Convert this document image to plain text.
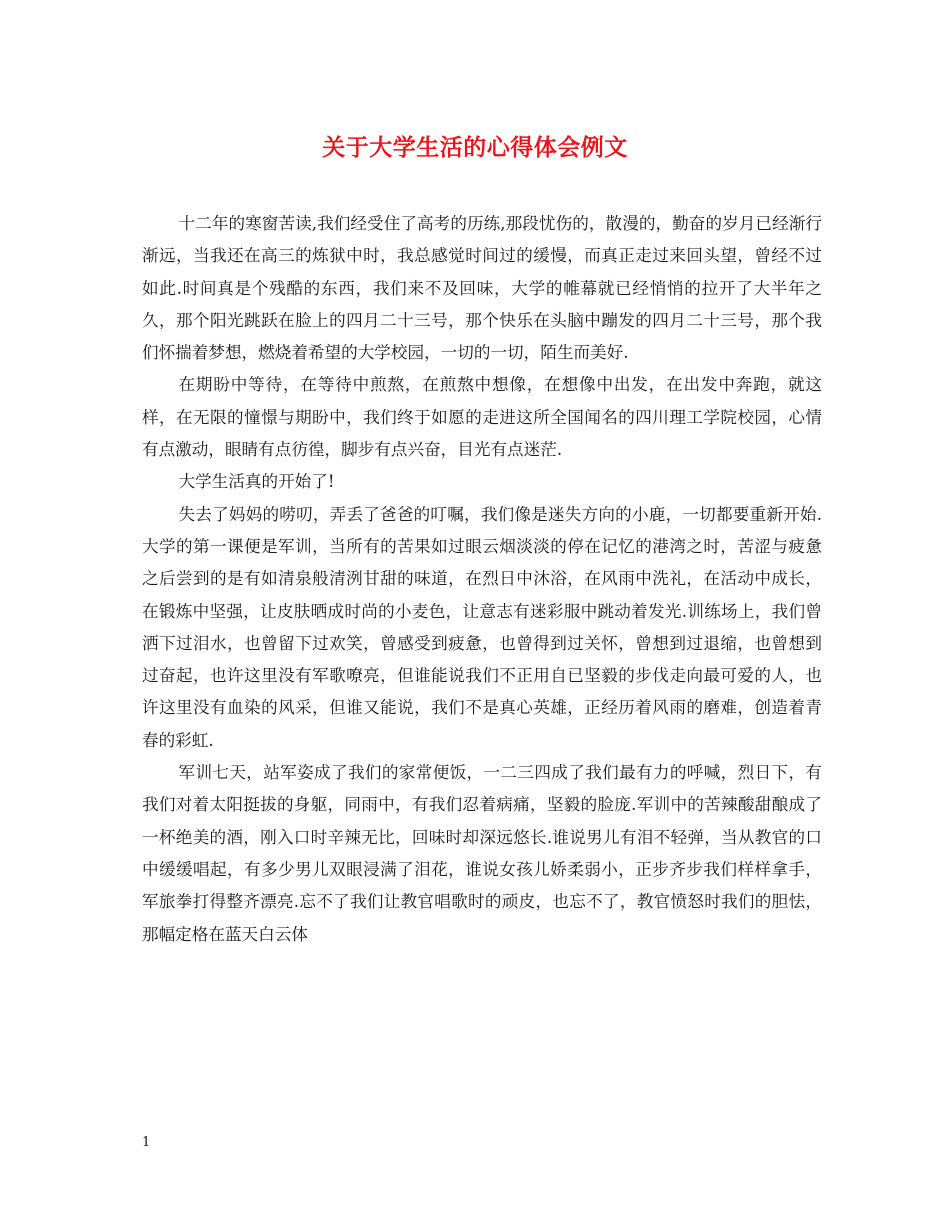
关于大学生活的心得体会例文

十二年的寒窗苦读,我们经受住了高考的历练,那段忧伤的，散漫的，勤奋的岁月已经渐行渐远，当我还在高三的炼狱中时，我总感觉时间过的缓慢，而真正走过来回头望，曾经不过如此.时间真是个残酷的东西，我们来不及回味，大学的帷幕就已经悄悄的拉开了大半年之久，那个阳光跳跃在脸上的四月二十三号，那个快乐在头脑中蹦发的四月二十三号，那个我们怀揣着梦想，燃烧着希望的大学校园，一切的一切，陌生而美好.

在期盼中等待，在等待中煎熬，在煎熬中想像，在想像中出发，在出发中奔跑，就这样，在无限的憧憬与期盼中，我们终于如愿的走进这所全国闻名的四川理工学院校园，心情有点激动，眼睛有点彷徨，脚步有点兴奋，目光有点迷茫.

大学生活真的开始了!

失去了妈妈的唠叨，弄丢了爸爸的叮嘱，我们像是迷失方向的小鹿，一切都要重新开始.大学的第一课便是军训，当所有的苦果如过眼云烟淡淡的停在记忆的港湾之时，苦涩与疲惫之后尝到的是有如清泉般清洌甘甜的味道，在烈日中沐浴，在风雨中洗礼，在活动中成长，在锻炼中坚强，让皮肤晒成时尚的小麦色，让意志有迷彩服中跳动着发光.训练场上，我们曾洒下过泪水，也曾留下过欢笑，曾感受到疲惫，也曾得到过关怀，曾想到过退缩，也曾想到过奋起，也许这里没有军歌嘹亮，但谁能说我们不正用自已坚毅的步伐走向最可爱的人，也许这里没有血染的风采，但谁又能说，我们不是真心英雄，正经历着风雨的磨难，创造着青春的彩虹.

军训七天，站军姿成了我们的家常便饭，一二三四成了我们最有力的呼喊，烈日下，有我们对着太阳挺拔的身躯，同雨中，有我们忍着病痛，坚毅的脸庞.军训中的苦辣酸甜酿成了一杯绝美的酒，刚入口时辛辣无比，回味时却深远悠长.谁说男儿有泪不轻弹，当从教官的口中缓缓唱起，有多少男儿双眼浸满了泪花，谁说女孩儿娇柔弱小，正步齐步我们样样拿手，军旅拳打得整齐漂亮.忘不了我们让教官唱歌时的顽皮，也忘不了，教官愤怒时我们的胆怯，那幅定格在蓝天白云体

1
